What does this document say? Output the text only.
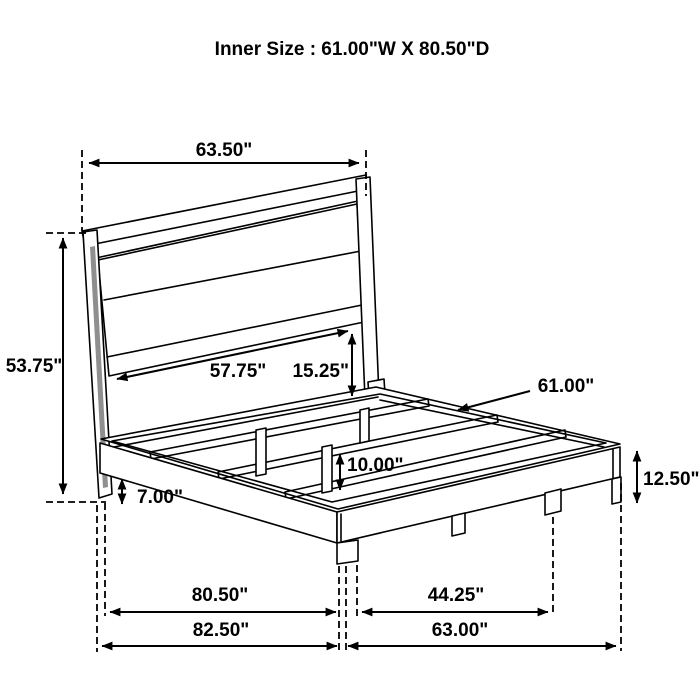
Inner Size : 61.00"W X 80.50"D
63.50"
53.75"	57.75" 15.25"
61.00"
10.00"
7.00"
12.50"
80.50"
82.50"
44.25"
63.00"
